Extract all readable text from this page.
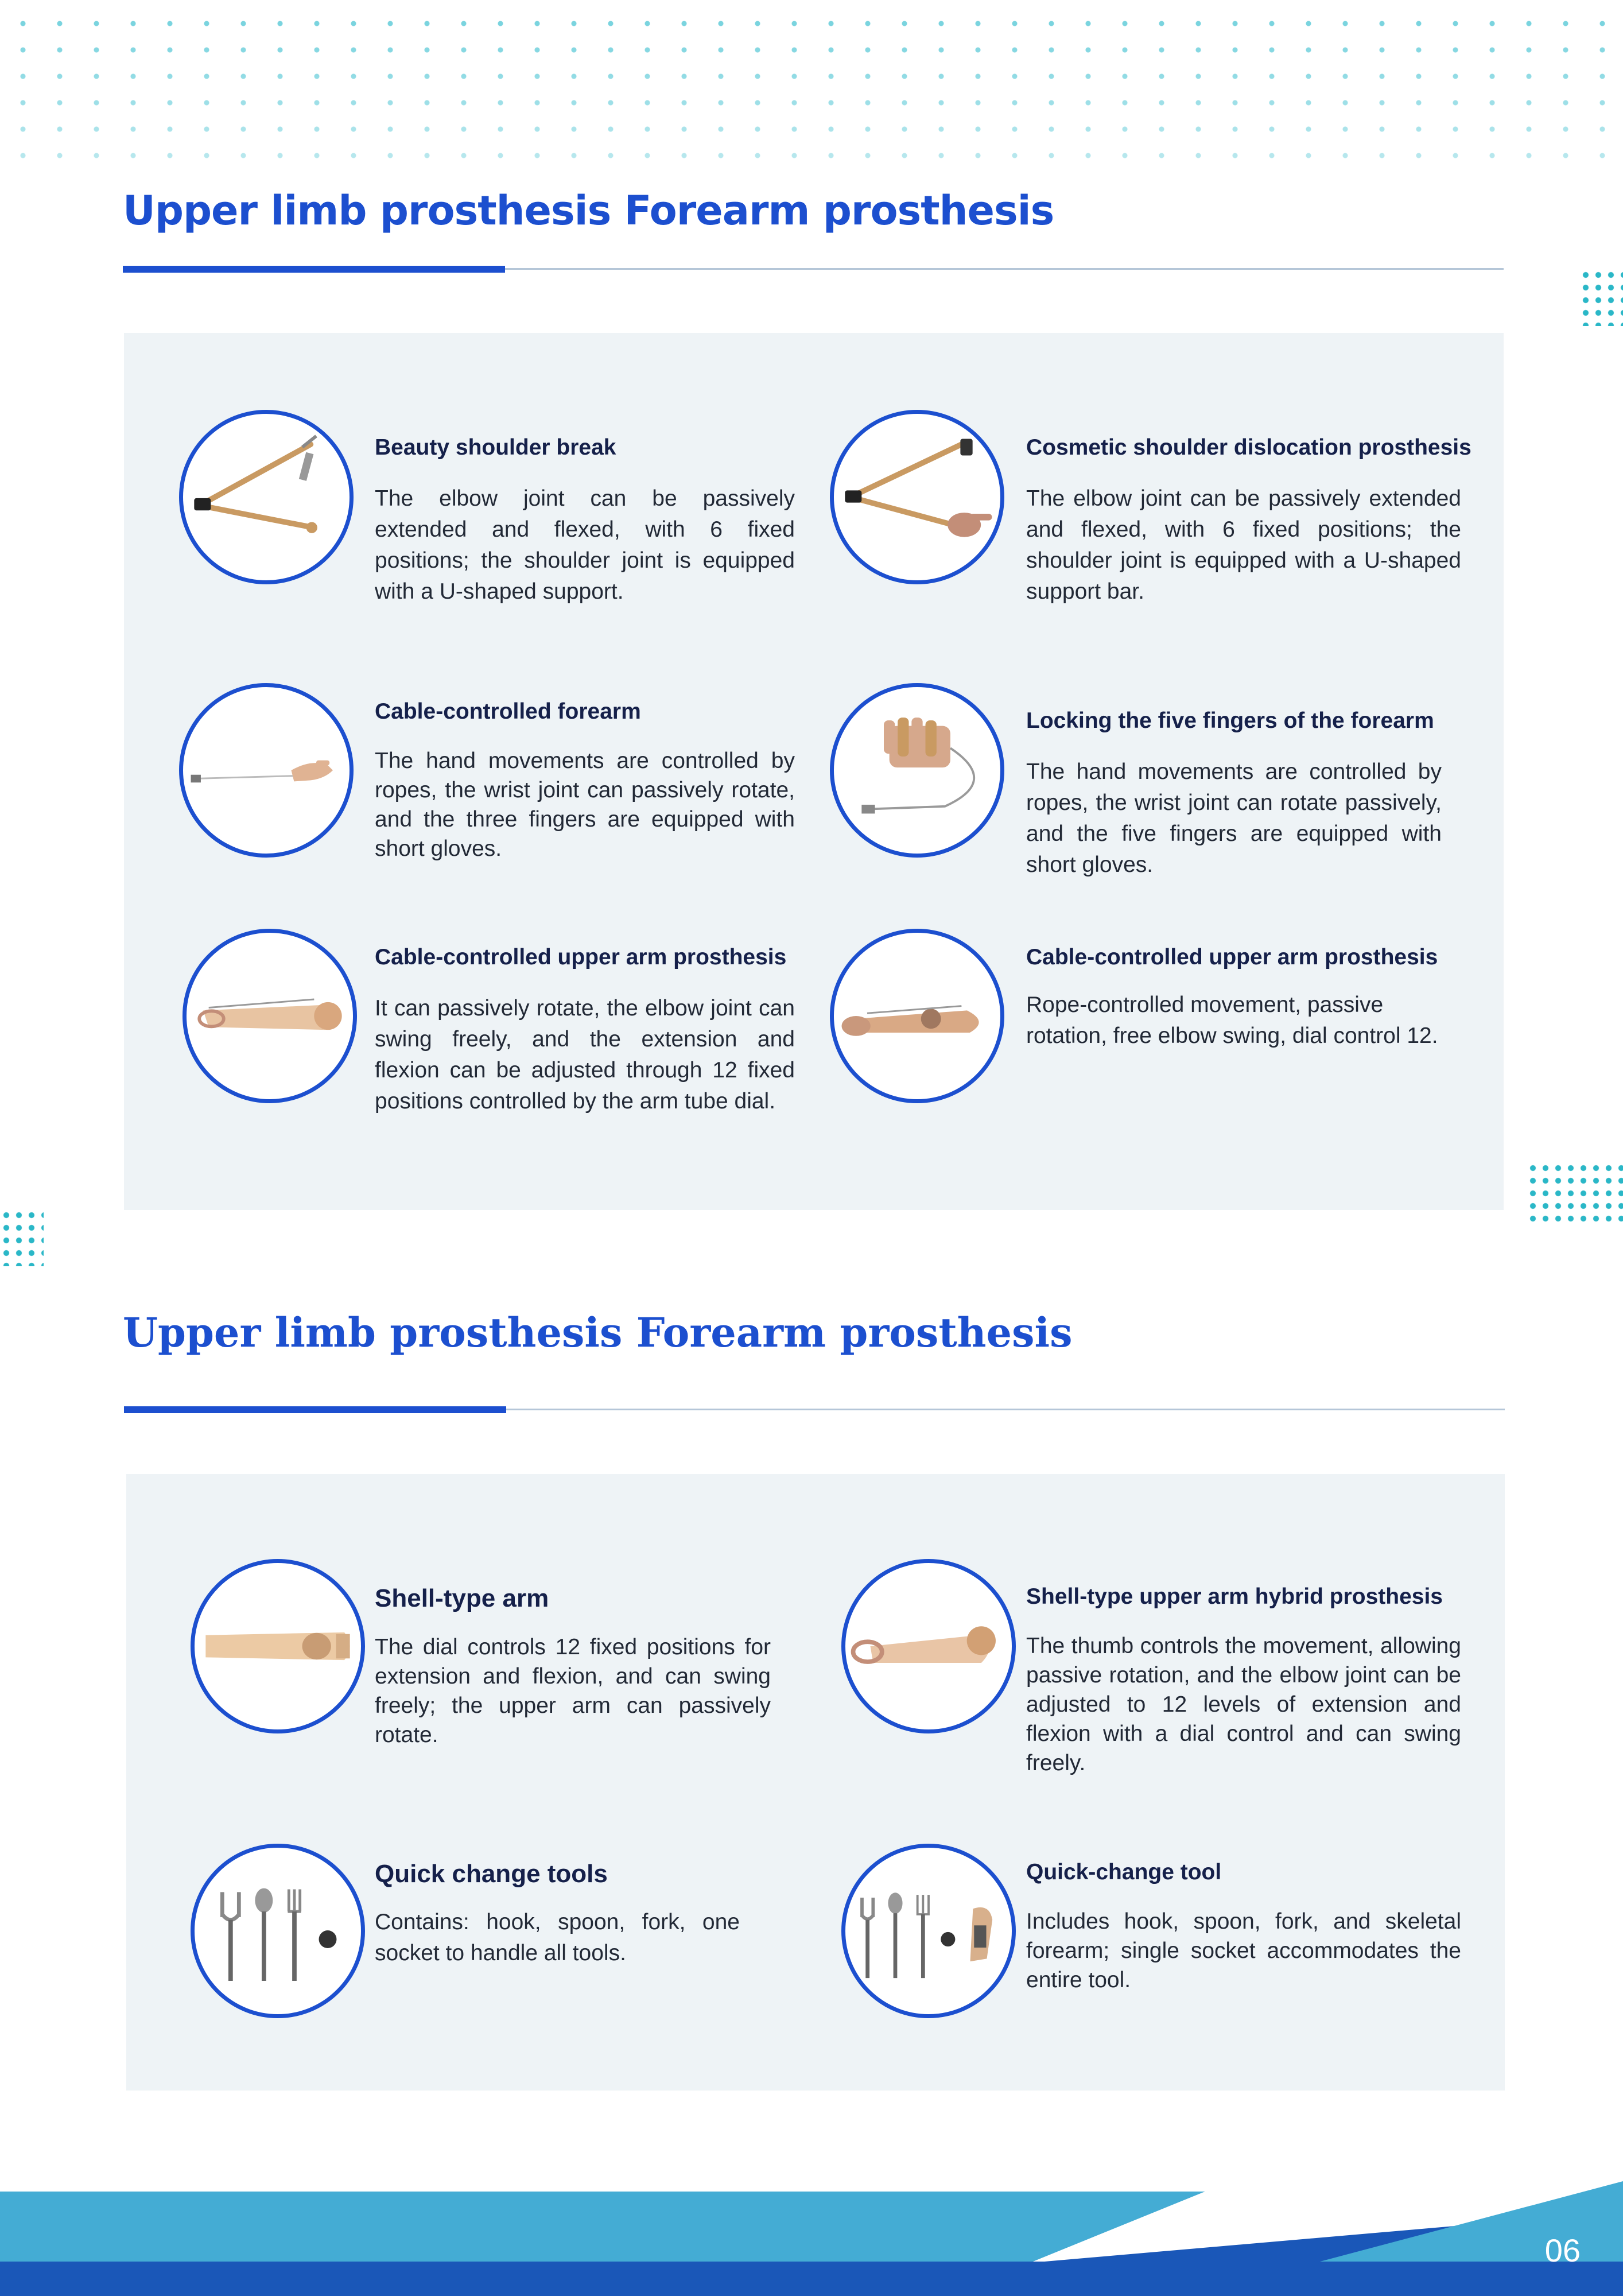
Upper limb prosthesis Forearm prosthesis
Beauty shoulder break
The elbow joint can be passively extended and flexed, with 6 fixed positions; the shoulder joint is equipped with a U-shaped support.
Cosmetic shoulder dislocation prosthesis
The elbow joint can be passively extended and flexed, with 6 fixed positions; the shoulder joint is equipped with a U-shaped support bar.
Cable-controlled forearm
The hand movements are controlled by ropes, the wrist joint can passively rotate, and the three fingers are equipped with short gloves.
Locking the five fingers of the forearm
The hand movements are controlled by ropes, the wrist joint can rotate passively, and the five fingers are equipped with short gloves.
Cable-controlled upper arm prosthesis
It can passively rotate, the elbow joint can swing freely, and the extension and flexion can be adjusted through 12 fixed positions controlled by the arm tube dial.
Cable-controlled upper arm prosthesis
Rope-controlled movement, passive rotation, free elbow swing, dial control 12.
Upper limb prosthesis Forearm prosthesis
Shell-type arm
The dial controls 12 fixed positions for extension and flexion, and can swing freely; the upper arm can passively rotate.
Shell-type upper arm hybrid prosthesis
The thumb controls the movement, allowing passive rotation, and the elbow joint can be adjusted to 12 levels of extension and flexion with a dial control and can swing freely.
Quick change tools
Contains: hook, spoon, fork, one socket to handle all tools.
Quick-change tool
Includes hook, spoon, fork, and skeletal forearm; single socket accommodates the entire tool.
06
